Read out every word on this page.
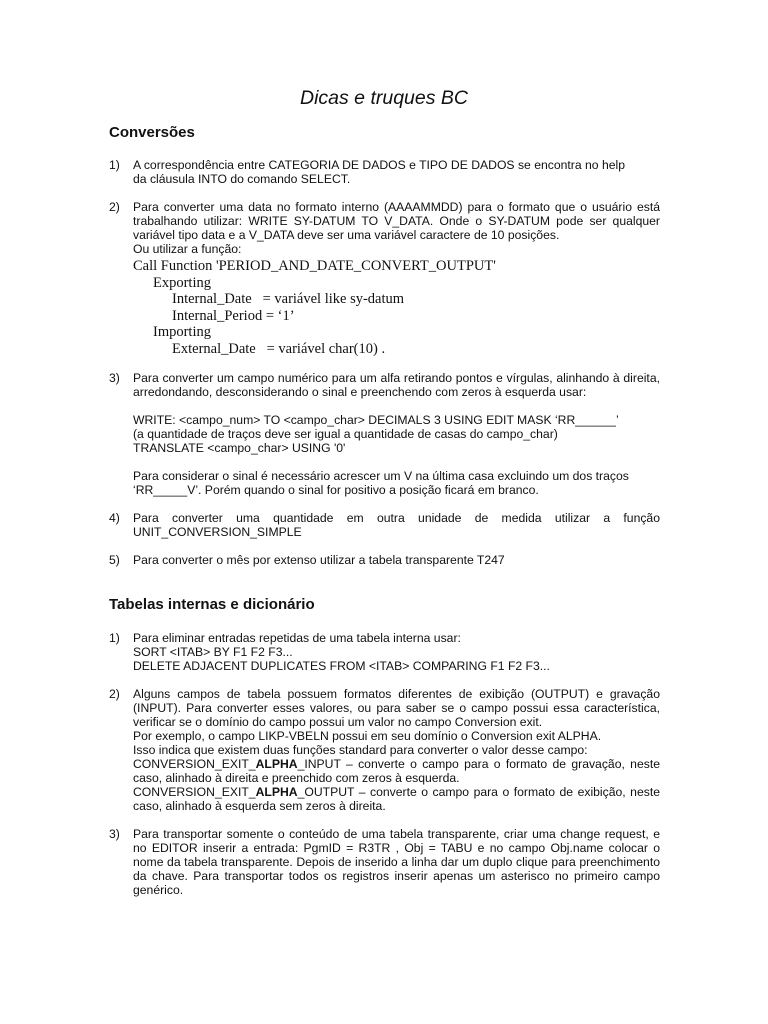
Dicas e truques BC
Conversões
1)	A correspondência entre CATEGORIA DE DADOS e TIPO DE DADOS se encontra no help
da cláusula INTO do comando SELECT.
2)	Para converter uma data no formato interno (AAAAMMDD) para o formato que o usuário está trabalhando utilizar: WRITE SY-DATUM TO V_DATA. Onde o SY-DATUM pode ser qualquer variável tipo data e a V_DATA deve ser uma variável caractere de 10 posições.
Ou utilizar a função:
Call Function 'PERIOD_AND_DATE_CONVERT_OUTPUT'
Exporting
Internal_Date   = variável like sy-datum
Internal_Period = ‘1’
Importing
External_Date   = variável char(10) .
3)	Para converter um campo numérico para um alfa retirando pontos e vírgulas, alinhando à direita, arredondando, desconsiderando o sinal e preenchendo com zeros à esquerda usar:
WRITE: <campo_num> TO <campo_char> DECIMALS 3 USING EDIT MASK ‘RR______’
(a quantidade de traços deve ser igual a quantidade de casas do campo_char)
TRANSLATE <campo_char> USING '0'
Para considerar o sinal é necessário acrescer um V na última casa excluindo um dos traços ‘RR_____V’. Porém quando o sinal for positivo a posição ficará em branco.
4)	Para converter uma quantidade em outra unidade de medida utilizar a função
UNIT_CONVERSION_SIMPLE
5)	Para converter o mês por extenso utilizar a tabela transparente T247
Tabelas internas e dicionário
1)	Para eliminar entradas repetidas de uma tabela interna usar:
SORT <ITAB> BY F1 F2 F3...
DELETE ADJACENT DUPLICATES FROM <ITAB> COMPARING F1 F2 F3...
2)	Alguns campos de tabela possuem formatos diferentes de exibição (OUTPUT) e gravação (INPUT). Para converter esses valores, ou para saber se o campo possui essa característica, verificar se o domínio do campo possui um valor no campo Conversion exit.
Por exemplo, o campo LIKP-VBELN possui em seu domínio o Conversion exit ALPHA.
Isso indica que existem duas funções standard para converter o valor desse campo:
CONVERSION_EXIT_ALPHA_INPUT – converte o campo para o formato de gravação, neste caso, alinhado à direita e preenchido com zeros à esquerda.
CONVERSION_EXIT_ALPHA_OUTPUT – converte o campo para o formato de exibição, neste caso, alinhado à esquerda sem zeros à direita.
3)	Para transportar somente o conteúdo de uma tabela transparente, criar uma change request, e no EDITOR inserir a entrada: PgmID = R3TR , Obj = TABU e no campo Obj.name colocar o nome da tabela transparente. Depois de inserido a linha dar um duplo clique para preenchimento da chave. Para transportar todos os registros inserir apenas um asterisco no primeiro campo genérico.
